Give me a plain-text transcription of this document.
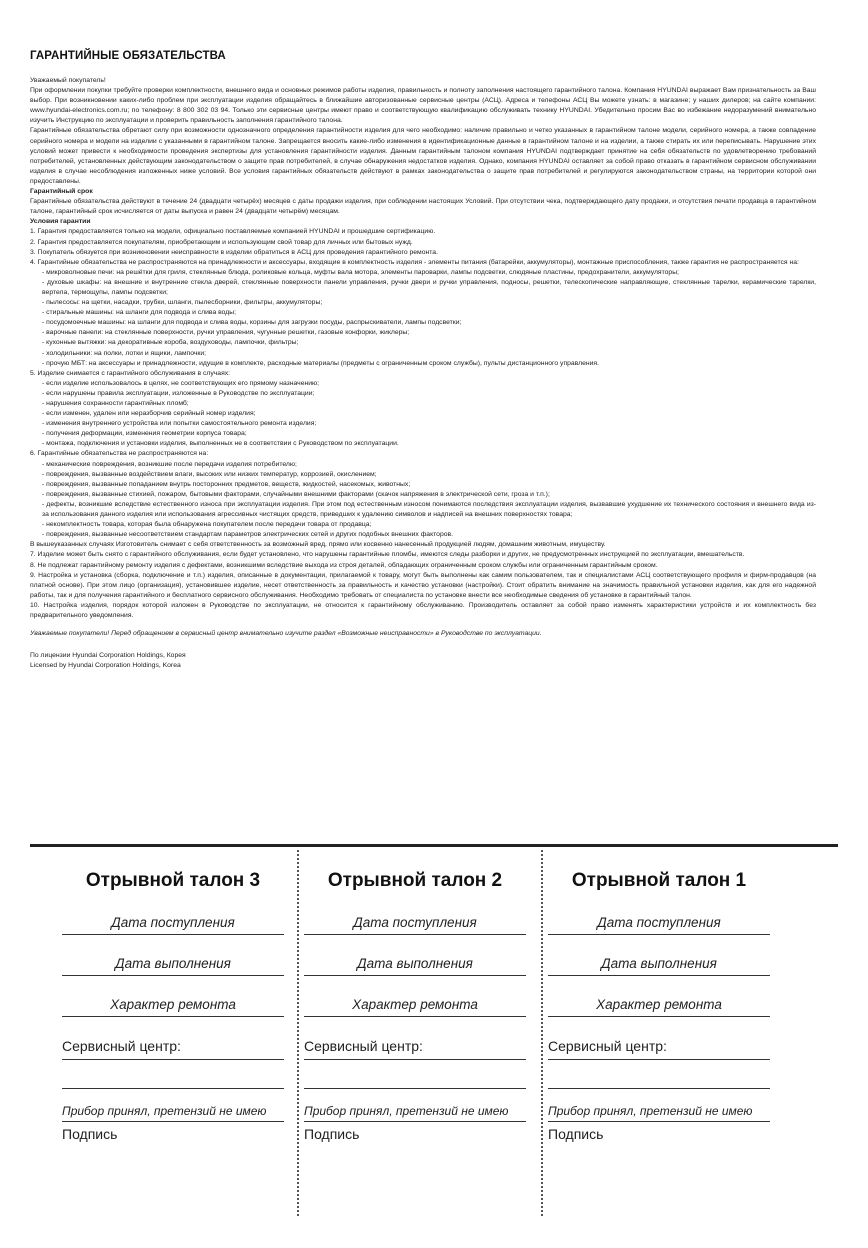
ГАРАНТИЙНЫЕ ОБЯЗАТЕЛЬСТВА

Уважаемый покупатель!

При оформлении покупки требуйте проверки комплектности, внешнего вида и основных режимов работы изделия, правильность и полноту заполнения настоящего гарантийного талона. Компания HYUNDAI выражает Вам признательность за Ваш выбор. При возникновении каких-либо проблем при эксплуатации изделия обращайтесь в ближайшие авторизованные сервисные центры (АСЦ). Адреса и телефоны АСЦ Вы можете узнать: в магазине; у наших дилеров; на сайте компании: www.hyundai-electronics.com.ru; по телефону: 8 800 302 03 94. Только эти сервисные центры имеют право и соответствующую квалификацию обслуживать технику HYUNDAI. Убедительно просим Вас во избежание недоразумений внимательно изучить Инструкцию по эксплуатации и проверить правильность заполнения гарантийного талона.

Гарантийные обязательства обретают силу при возможности однозначного определения гарантийности изделия для чего необходимо: наличие правильно и четко указанных в гарантийном талоне модели, серийного номера, а также совпадение серийного номера и модели на изделии с указанными в гарантийном талоне. Запрещается вносить какие-либо изменения в идентификационные данные в гарантийном талоне и на изделии, а также стирать их или переписывать. Нарушение этих условий может привести к необходимости проведения экспертизы для установления гарантийности изделия. Данным гарантийным талоном компания HYUNDAI подтверждает принятие на себя обязательств по удовлетворению требований потребителей, установленных действующим законодательством о защите прав потребителей, в случае обнаружения недостатков изделия. Однако, компания HYUNDAI оставляет за собой право отказать в гарантийном сервисном обслуживании изделия в случае несоблюдения изложенных ниже условий. Все условия гарантийных обязательств действуют в рамках законодательства о защите прав потребителей и регулируются законодательством страны, на территории которой они предоставлены.

Гарантийный срок

Гарантийные обязательства действуют в течение 24 (двадцати четырёх) месяцев с даты продажи изделия, при соблюдении настоящих Условий. При отсутствии чека, подтверждающего дату продажи, и отсутствия печати продавца в гарантийном талоне, гарантийный срок исчисляется от даты выпуска и равен 24 (двадцати четырём) месяцам.

Условия гарантии

1. Гарантия предоставляется только на модели, официально поставляемые компанией HYUNDAI и прошедшие сертификацию.

2. Гарантия предоставляется покупателям, приобретающим и использующим свой товар для личных или бытовых нужд.

3. Покупатель обязуется при возникновении неисправности в изделии обратиться в АСЦ для проведения гарантийного ремонта.

4. Гарантийные обязательства не распространяются на принадлежности и аксессуары, входящие в комплектность изделия - элементы питания (батарейки, аккумуляторы), монтажные приспособления, также гарантия не распространяется на:

- микроволновые печи: на решётки для гриля, стеклянные блюда, роликовые кольца, муфты вала мотора, элементы пароварки, лампы подсветки, слюдяные пластины, предохранители, аккумуляторы;

- духовые шкафы: на внешние и внутренние стекла дверей, стеклянные поверхности панели управления, ручки двери и ручки управления, подносы, решетки, телескопические направляющие, стеклянные тарелки, керамические тарелки, вертела, термощупы, лампы подсветки;

- пылесосы: на щетки, насадки, трубки, шланги, пылесборники, фильтры, аккумуляторы;

- стиральные машины: на шланги для подвода и слива воды;

- посудомоечные машины: на шланги для подвода и слива воды, корзины для загрузки посуды, распрыскиватели, лампы подсветки;

- варочные панели: на стеклянные поверхности, ручки управления, чугунные решетки, газовые конфорки, жиклеры;

- кухонные вытяжки: на декоративные короба, воздуховоды, лампочки, фильтры;

- холодильники: на полки, лотки и ящики, лампочки;

- прочую МБТ: на аксессуары и принадлежности, идущие в комплекте, расходные материалы (предметы с ограниченным сроком службы), пульты дистанционного управления.

5. Изделие снимается с гарантийного обслуживания в случаях:

- если изделие использовалось в целях, не соответствующих его прямому назначению;

- если нарушены правила эксплуатации, изложенные в Руководстве по эксплуатации;

- нарушения сохранности гарантийных пломб;

- если изменен, удален или неразборчив серийный номер изделия;

- изменения внутреннего устройства или попытки самостоятельного ремонта изделия;

- получения деформации, изменения геометрии корпуса товара;

- монтажа, подключения и установки изделия, выполненных не в соответствии с Руководством по эксплуатации.

6. Гарантийные обязательства не распространяются на:

- механические повреждения, возникшие после передачи изделия потребителю;

- повреждения, вызванные воздействием влаги, высоких или низких температур, коррозией, окислением;

- повреждения, вызванные попаданием внутрь посторонних предметов, веществ, жидкостей, насекомых, животных;

- повреждения, вызванные стихией, пожаром, бытовыми факторами, случайными внешними факторами (скачок напряжения в электрической сети, гроза и т.п.);

- дефекты, возникшие вследствие естественного износа при эксплуатации изделия. При этом под естественным износом понимаются последствия эксплуатации изделия, вызвавшие ухудшение их технического состояния и внешнего вида из-за использования данного изделия или использования агрессивных чистящих средств, приведших к удалению символов и надписей на внешних поверхностях товара;

- некомплектность товара, которая была обнаружена покупателем после передачи товара от продавца;

- повреждения, вызванные несоответствием стандартам параметров электрических сетей и других подобных внешних факторов.

В вышеуказанных случаях Изготовитель снимает с себя ответственность за возможный вред, прямо или косвенно нанесенный продукцией людям, домашним животным, имуществу.

7. Изделие может быть снято с гарантийного обслуживания, если будет установлено, что нарушены гарантийные пломбы, имеются следы разборки и других, не предусмотренных инструкцией по эксплуатации, вмешательств.

8. Не подлежат гарантийному ремонту изделия с дефектами, возникшими вследствие выхода из строя деталей, обладающих ограниченным сроком службы или ограниченным гарантийным сроком.

9. Настройка и установка (сборка, подключение и т.п.) изделия, описанные в документации, прилагаемой к товару, могут быть выполнены как самим пользователем, так и специалистами АСЦ соответствующего профиля и фирм-продавцов (на платной основе). При этом лицо (организация), установившее изделие, несет ответственность за правильность и качество установки (настройки). Стоит обратить внимание на значимость правильной установки изделия, как для его надежной работы, так и для получения гарантийного и бесплатного сервисного обслуживания. Необходимо требовать от специалиста по установке внести все необходимые сведения об установке в гарантийный талон.

10. Настройка изделия, порядок которой изложен в Руководстве по эксплуатации, не относится к гарантийному обслуживанию. Производитель оставляет за собой право изменять характеристики устройств и их комплектность без предварительного уведомления.

Уважаемые покупатели! Перед обращением в сервисный центр внимательно изучите раздел «Возможные неисправности» в Руководстве по эксплуатации.

По лицензии Hyundai Corporation Holdings, Корея

Licensed by Hyundai Corporation Holdings, Korea

Отрывной талон 3
Дата поступления
Дата выполнения
Характер ремонта
Сервисный центр:
Прибор принял, претензий не имею
Подпись
Отрывной талон 2
Дата поступления
Дата выполнения
Характер ремонта
Сервисный центр:
Прибор принял, претензий не имею
Подпись
Отрывной талон 1
Дата поступления
Дата выполнения
Характер ремонта
Сервисный центр:
Прибор принял, претензий не имею
Подпись
